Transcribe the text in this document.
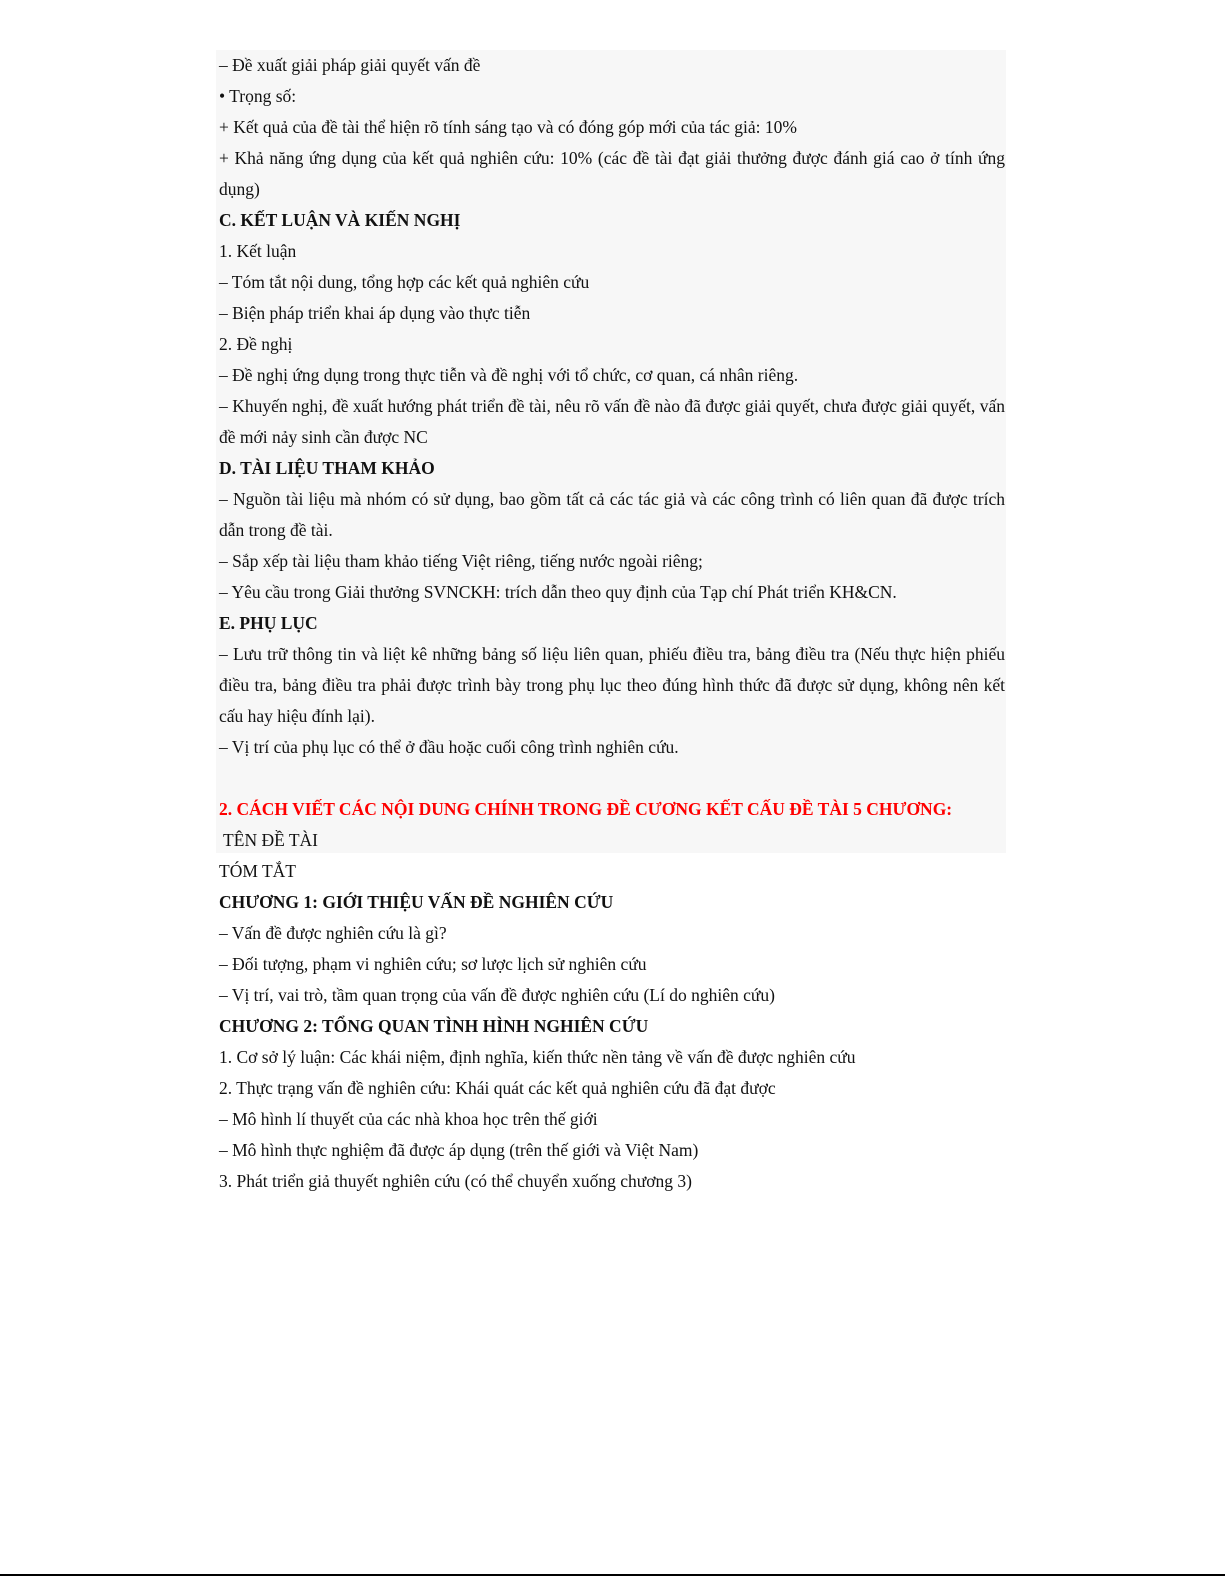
– Đề xuất giải pháp giải quyết vấn đề

• Trọng số:

+ Kết quả của đề tài thể hiện rõ tính sáng tạo và có đóng góp mới của tác giả: 10%

+ Khả năng ứng dụng của kết quả nghiên cứu: 10% (các đề tài đạt giải thưởng được đánh giá cao ở tính ứng dụng)

C. KẾT LUẬN VÀ KIẾN NGHỊ

1. Kết luận

– Tóm tắt nội dung, tổng hợp các kết quả nghiên cứu

– Biện pháp triển khai áp dụng vào thực tiễn

2. Đề nghị

– Đề nghị ứng dụng trong thực tiễn và đề nghị với tổ chức, cơ quan, cá nhân riêng.

– Khuyến nghị, đề xuất hướng phát triển đề tài, nêu rõ vấn đề nào đã được giải quyết, chưa được giải quyết, vấn đề mới nảy sinh cần được NC

D. TÀI LIỆU THAM KHẢO

– Nguồn tài liệu mà nhóm có sử dụng, bao gồm tất cả các tác giả và các công trình có liên quan đã được trích dẫn trong đề tài.

– Sắp xếp tài liệu tham khảo tiếng Việt riêng, tiếng nước ngoài riêng;

– Yêu cầu trong Giải thưởng SVNCKH: trích dẫn theo quy định của Tạp chí Phát triển KH&CN.

E. PHỤ LỤC

– Lưu trữ thông tin và liệt kê những bảng số liệu liên quan, phiếu điều tra, bảng điều tra (Nếu thực hiện phiếu điều tra, bảng điều tra phải được trình bày trong phụ lục theo đúng hình thức đã được sử dụng, không nên kết cấu hay hiệu đính lại).

– Vị trí của phụ lục có thể ở đầu hoặc cuối công trình nghiên cứu.

2. CÁCH VIẾT CÁC NỘI DUNG CHÍNH TRONG ĐỀ CƯƠNG KẾT CẤU ĐỀ TÀI 5 CHƯƠNG:

TÊN ĐỀ TÀI

TÓM TẮT

CHƯƠNG 1: GIỚI THIỆU VẤN ĐỀ NGHIÊN CỨU

– Vấn đề được nghiên cứu là gì?

– Đối tượng, phạm vi nghiên cứu; sơ lược lịch sử nghiên cứu

– Vị trí, vai trò, tầm quan trọng của vấn đề được nghiên cứu (Lí do nghiên cứu)

CHƯƠNG 2: TỔNG QUAN TÌNH HÌNH NGHIÊN CỨU

1. Cơ sở lý luận: Các khái niệm, định nghĩa, kiến thức nền tảng về vấn đề được nghiên cứu

2. Thực trạng vấn đề nghiên cứu: Khái quát các kết quả nghiên cứu đã đạt được

– Mô hình lí thuyết của các nhà khoa học trên thế giới

– Mô hình thực nghiệm đã được áp dụng (trên thế giới và Việt Nam)

3. Phát triển giả thuyết nghiên cứu (có thể chuyển xuống chương 3)
